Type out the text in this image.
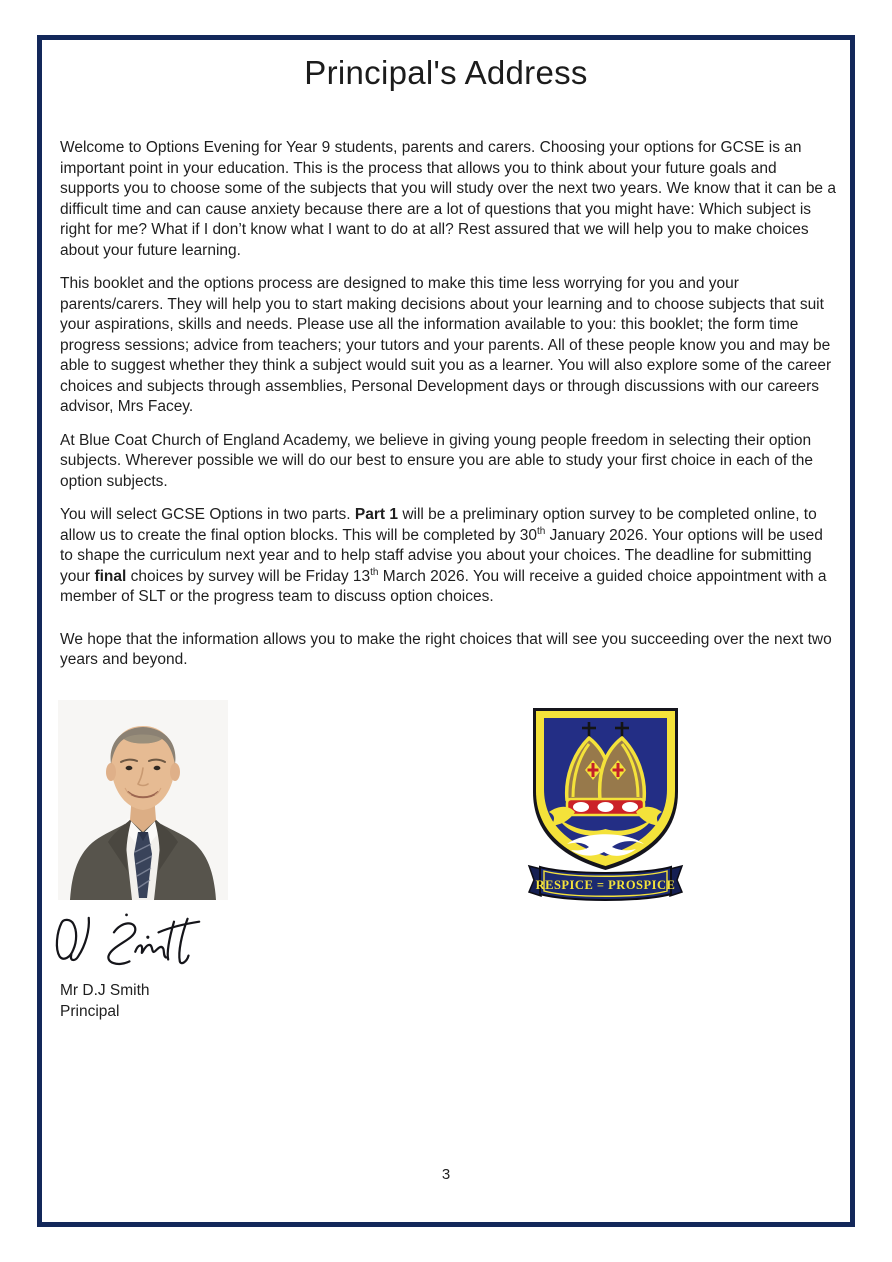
Principal's Address

Welcome to Options Evening for Year 9 students, parents and carers. Choosing your options for GCSE is an important point in your education. This is the process that allows you to think about your future goals and supports you to choose some of the subjects that you will study over the next two years. We know that it can be a difficult time and can cause anxiety because there are a lot of questions that you might have: Which subject is right for me? What if I don’t know what I want to do at all? Rest assured that we will help you to make choices about your future learning.

This booklet and the options process are designed to make this time less worrying for you and your parents/carers. They will help you to start making decisions about your learning and to choose subjects that suit your aspirations, skills and needs. Please use all the information available to you: this booklet; the form time progress sessions; advice from teachers; your tutors and your parents. All of these people know you and may be able to suggest whether they think a subject would suit you as a learner. You will also explore some of the career choices and subjects through assemblies, Personal Development days or through discussions with our careers advisor, Mrs Facey.

At Blue Coat Church of England Academy, we believe in giving young people freedom in selecting their option subjects. Wherever possible we will do our best to ensure you are able to study your first choice in each of the option subjects.

You will select GCSE Options in two parts. Part 1 will be a preliminary option survey to be completed online, to allow us to create the final option blocks. This will be completed by 30th January 2026. Your options will be used to shape the curriculum next year and to help staff advise you about your choices. The deadline for submitting your final choices by survey will be Friday 13th March 2026. You will receive a guided choice appointment with a member of SLT or the progress team to discuss option choices.

We hope that the information allows you to make the right choices that will see you succeeding over the next two years and beyond.

RESPICE = PROSPICE
Mr D.J Smith
Principal
3
